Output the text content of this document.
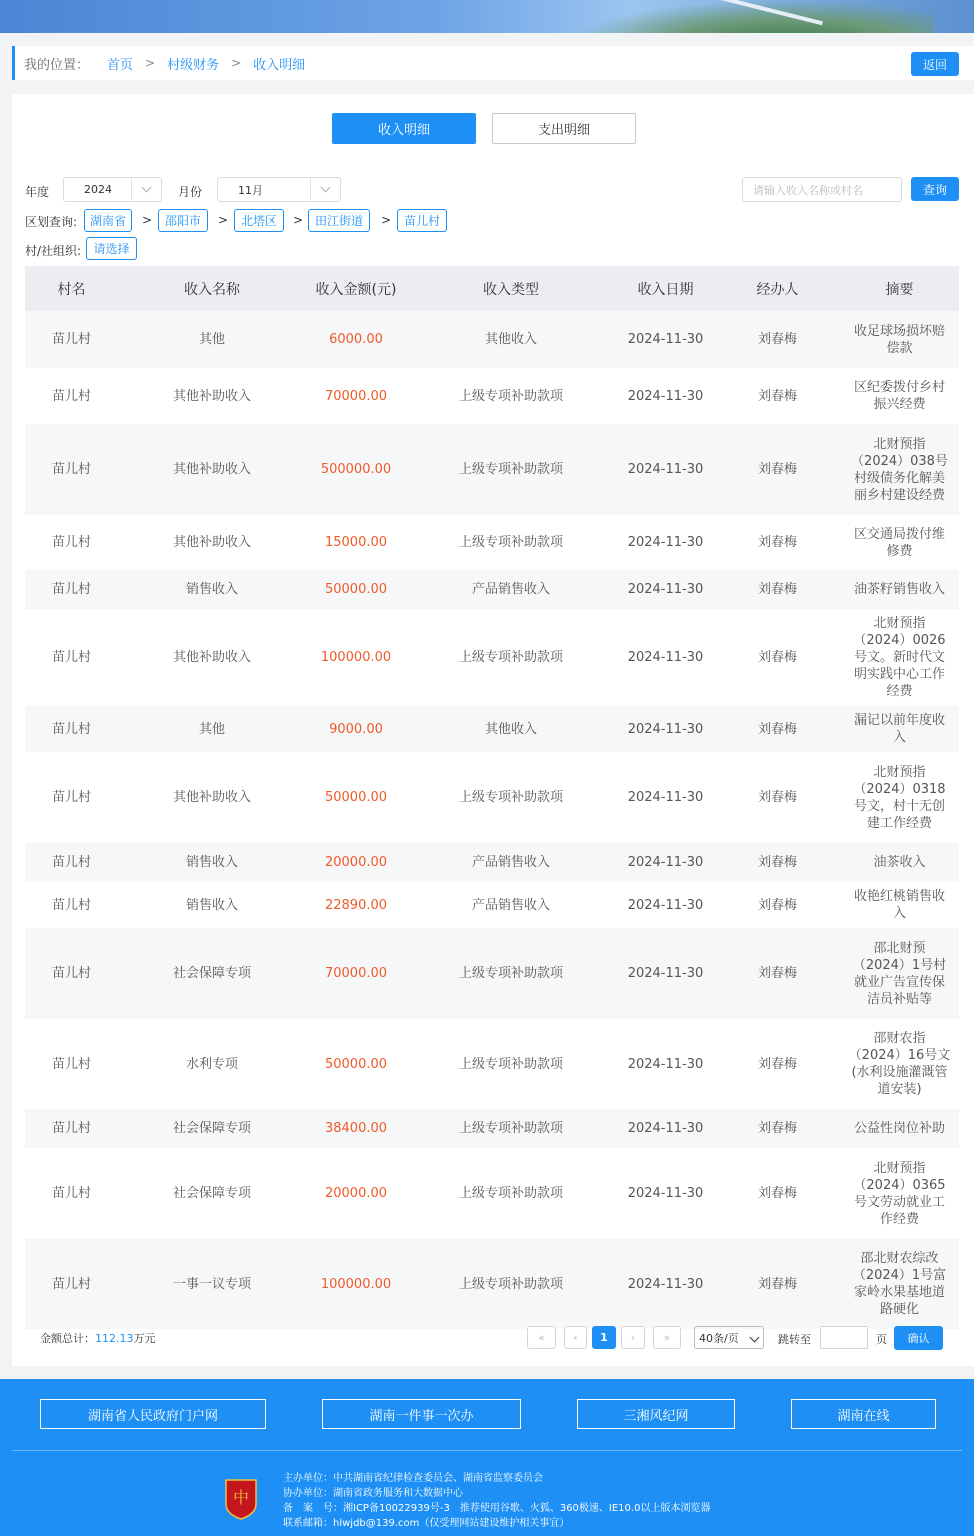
我的位置： 首页 > 村级财务 > 收入明细	返回
收入明细	支出明细
年度	2024	月份	11月	请输入收入名称或村名	查询
区划查询:	湖南省	>	邵阳市	>	北塔区	> 田江街道	>	苗儿村
村/社组织:	请选择
村名	收入名称	收入金额(元)	收入类型	收入日期	经办人	摘要
苗儿村	其他	6000.00	其他收入	2024-11-30	刘春梅	收足球场损坏赔偿款
苗儿村	其他补助收入	70000.00	上级专项补助款项	2024-11-30	刘春梅	区纪委拨付乡村振兴经费
苗儿村	其他补助收入	500000.00	上级专项补助款项	2024-11-30	刘春梅	北财预指（2024）038号村级债务化解美丽乡村建设经费
苗儿村	其他补助收入	15000.00	上级专项补助款项	2024-11-30	刘春梅	区交通局拨付维修费
苗儿村	销售收入	50000.00	产品销售收入	2024-11-30	刘春梅	油茶籽销售收入
苗儿村	其他补助收入	100000.00	上级专项补助款项	2024-11-30	刘春梅	北财预指（2024）0026号文。新时代文明实践中心工作经费
苗儿村	其他	9000.00	其他收入	2024-11-30	刘春梅	漏记以前年度收入
苗儿村	其他补助收入	50000.00	上级专项补助款项	2024-11-30	刘春梅	北财预指（2024）0318号文，村十无创建工作经费
苗儿村	销售收入	20000.00	产品销售收入	2024-11-30	刘春梅	油茶收入
苗儿村	销售收入	22890.00	产品销售收入	2024-11-30	刘春梅	收艳红桃销售收入
苗儿村	社会保障专项	70000.00	上级专项补助款项	2024-11-30	刘春梅	邵北财预（2024）1号村就业广告宣传保洁员补贴等
苗儿村	水利专项	50000.00	上级专项补助款项	2024-11-30	刘春梅	邵财农指（2024）16号文(水利设施灌溉管道安装)
苗儿村	社会保障专项	38400.00	上级专项补助款项	2024-11-30	刘春梅	公益性岗位补助
苗儿村	社会保障专项	20000.00	上级专项补助款项	2024-11-30	刘春梅	北财预指（2024）0365号文劳动就业工作经费
苗儿村	一事一议专项	100000.00	上级专项补助款项	2024-11-30	刘春梅	邵北财农综改（2024）1号富家岭水果基地道路硬化
金额总计：112.13万元	«	‹	1	›	»	40条/页	跳转至	页	确认
湖南省人民政府门户网	湖南一件事一次办	三湘风纪网	湖南在线
中
主办单位：中共湖南省纪律检查委员会、湖南省监察委员会
协办单位：湖南省政务服务和大数据中心
备　案　号：湘ICP备10022939号-3　推荐使用谷歌、火狐、360极速、IE10.0以上版本浏览器
联系邮箱：hlwjdb@139.com（仅受理网站建设维护相关事宜）
